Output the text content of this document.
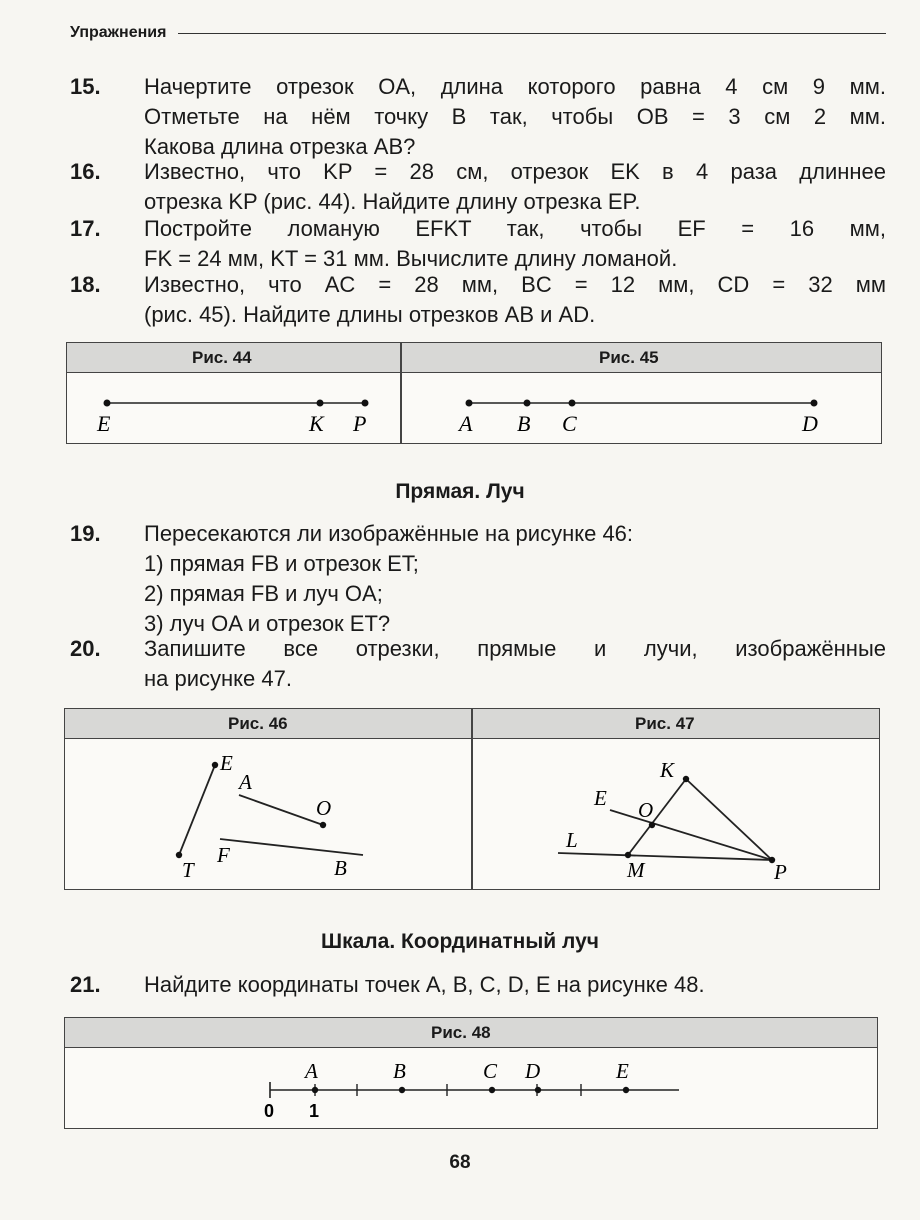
Упражнения
15. Начертите отрезок OA, длина которого равна 4 см 9 мм.
Отметьте на нём точку B так, чтобы OB = 3 см 2 мм.
Какова длина отрезка AB?
16. Известно, что KP = 28 см, отрезок EK в 4 раза длиннее
отрезка KP (рис. 44). Найдите длину отрезка EP.
17. Постройте ломаную EFKT так, чтобы EF = 16 мм,
FK = 24 мм, KT = 31 мм. Вычислите длину ломаной.
18. Известно, что AC = 28 мм, BC = 12 мм, CD = 32 мм
(рис. 45). Найдите длины отрезков AB и AD.
Рис. 44	Рис. 45
E	K P	A B C	D
Прямая. Луч
19. Пересекаются ли изображённые на рисунке 46:
1) прямая FB и отрезок ET;
2) прямая FB и луч OA;
3) луч OA и отрезок ET?
20. Запишите все отрезки, прямые и лучи, изображённые
на рисунке 47.
Рис. 46	Рис. 47
E
A
O
T
F
B
K
E O
L
M	P
Шкала. Координатный луч
21. Найдите координаты точек A, B, C, D, E на рисунке 48.
Рис. 48
A	B	C D	E
0 1
68
